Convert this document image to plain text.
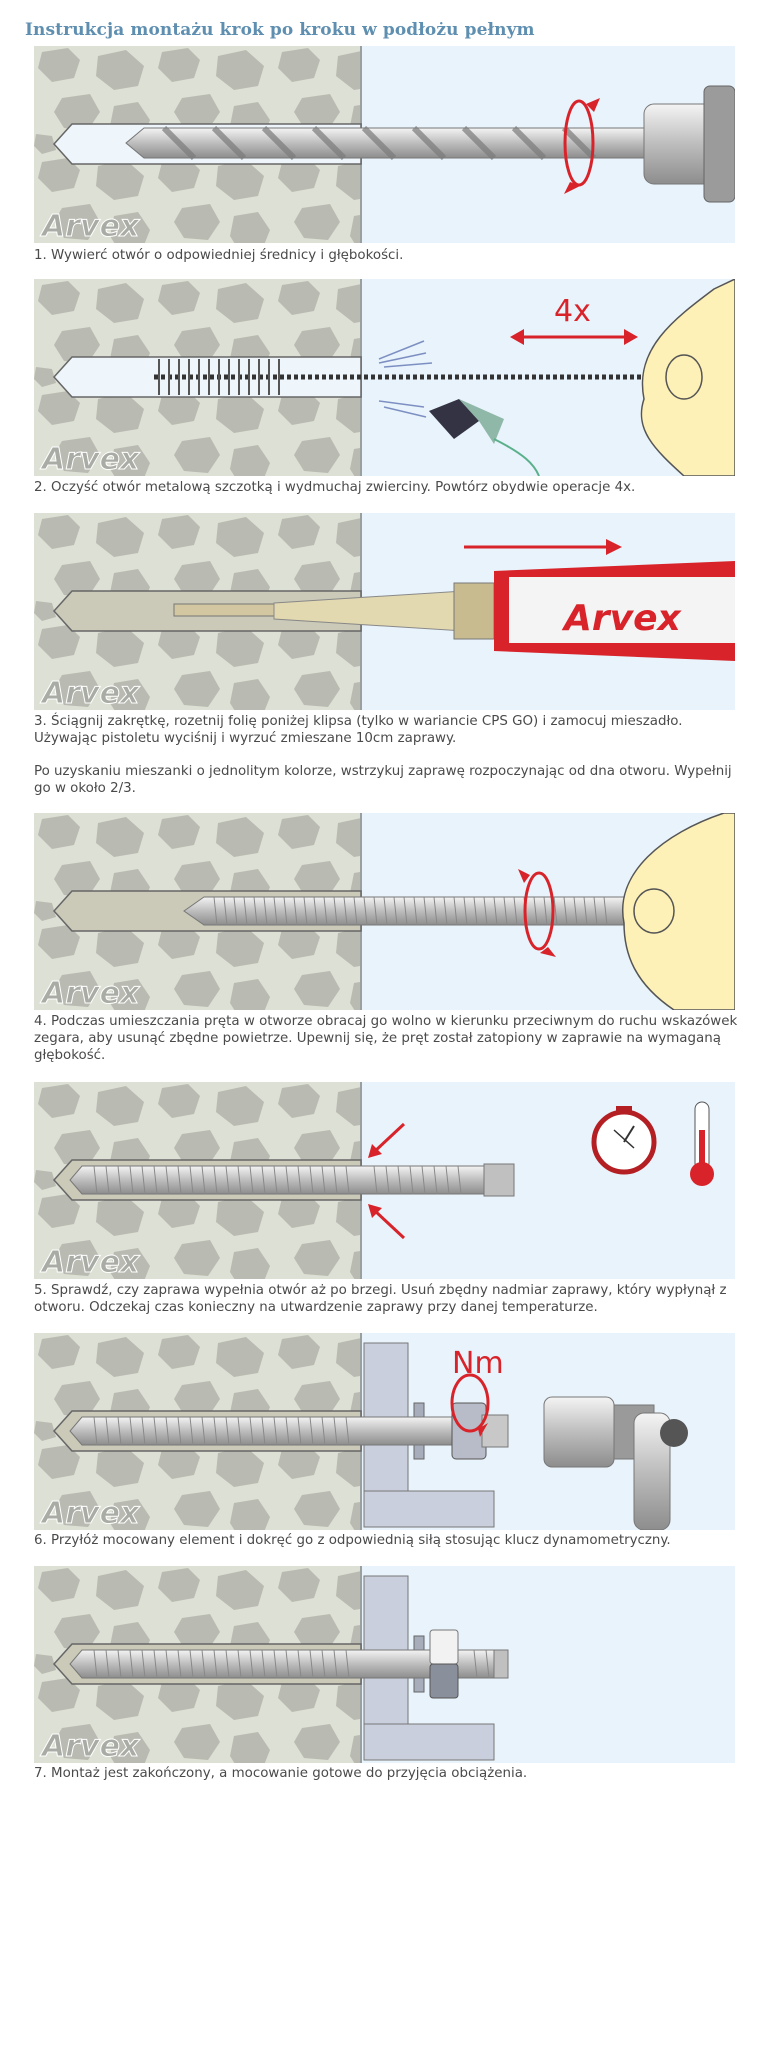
Instrukcja montażu krok po kroku w podłożu pełnym
Arvex

1. Wywierć otwór o odpowiedniej średnicy i głębokości.

4x
Arvex

2. Oczyść otwór metalową szczotką i wydmuchaj zwierciny. Powtórz obydwie operacje 4x.

Arvex
Arvex

3. Ściągnij zakrętkę, rozetnij folię poniżej klipsa (tylko w wariancie CPS GO) i zamocuj mieszadło. Używając pistoletu wyciśnij i wyrzuć zmieszane 10cm zaprawy.

Po uzyskaniu mieszanki o jednolitym kolorze, wstrzykuj zaprawę rozpoczynając od dna otworu. Wypełnij go w około 2/3.

Arvex

4. Podczas umieszczania pręta w otworze obracaj go wolno w kierunku przeciwnym do ruchu wskazówek zegara, aby usunąć zbędne powietrze. Upewnij się, że pręt został zatopiony w zaprawie na wymaganą głębokość.

Arvex

5. Sprawdź, czy zaprawa wypełnia otwór aż po brzegi. Usuń zbędny nadmiar zaprawy, który wypłynął z otworu. Odczekaj czas konieczny na utwardzenie zaprawy przy danej temperaturze.

Nm
Arvex

6. Przyłóż mocowany element i dokręć go z odpowiednią siłą stosując klucz dynamometryczny.

Arvex

7. Montaż jest zakończony, a mocowanie gotowe do przyjęcia obciążenia.
